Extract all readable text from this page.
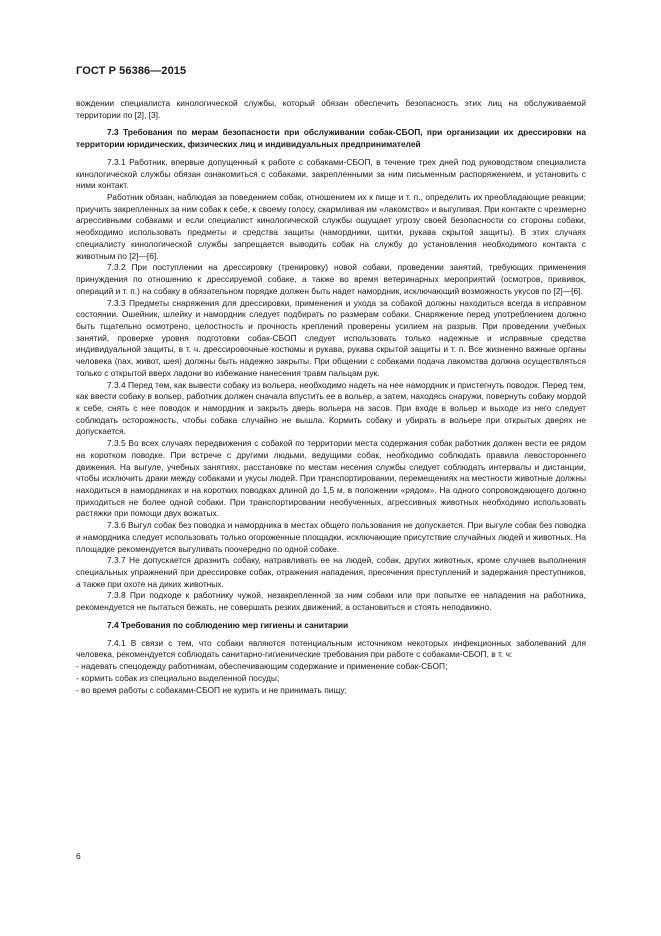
ГОСТ Р 56386—2015

вождении специалиста кинологической службы, который обязан обеспечить безопасность этих лиц на обслуживаемой территории по [2], [3].

7.3 Требования по мерам безопасности при обслуживании собак-СБОП, при организации их дрессировки на территории юридических, физических лиц и индивидуальных предпринимателей

7.3.1 Работник, впервые допущенный к работе с собаками-СБОП, в течение трех дней под руководством специалиста кинологической службы обязан ознакомиться с собаками, закрепленными за ним письменным распоряжением, и установить с ними контакт.

Работник обязан, наблюдая за поведением собак, отношением их к пище и т. п., определить их преобладающие реакции; приучить закрепленных за ним собак к себе, к своему голосу, скармливая им «лакомство» и выгуливая. При контакте с чрезмерно агрессивными собаками и если специалист кинологической службы ощущает угрозу своей безопасности со стороны собаки, необходимо использовать предметы и средства защиты (намордники, щитки, рукава скрытой защиты). В этих случаях специалисту кинологической службы запрещается выводить собак на службу до установления необходимого контакта с животным по [2]—[6].

7.3.2 При поступлении на дрессировку (тренировку) новой собаки, проведении занятий, требующих применения принуждения по отношению к дрессируемой собаке, а также во время ветеринарных мероприятий (осмотров, прививок, операций и т. п.) на собаку в обязательном порядке должен быть надет намордник, исключающий возможность укусов по [2]—[6].

7.3.3 Предметы снаряжения для дрессировки, применения и ухода за собакой должны находиться всегда в исправном состоянии. Ошейник, шлейку и намордник следует подбирать по размерам собаки. Снаряжение перед употреблением должно быть тщательно осмотрено, целостность и прочность креплений проверены усилием на разрыв. При проведении учебных занятий, проверке уровня подготовки собак-СБОП следует использовать только надежные и исправные средства индивидуальной защиты, в т. ч. дрессировочные костюмы и рукава, рукава скрытой защиты и т. п. Все жизненно важные органы человека (пах, живот, шея) должны быть надежно закрыты. При общении с собаками подача лакомства должна осуществляться только с открытой вверх ладони во избежание нанесения травм пальцам рук.

7.3.4 Перед тем, как вывести собаку из вольера, необходимо надеть на нее намордник и пристегнуть поводок. Перед тем, как ввести собаку в вольер, работник должен сначала впустить ее в вольер, а затем, находясь снаружи, повернуть собаку мордой к себе, снять с нее поводок и намордник и закрыть дверь вольера на засов. При входе в вольер и выходе из него следует соблюдать осторожность, чтобы собака случайно не вышла. Кормить собаку и убирать в вольере при открытых дверях не допускается.

7.3.5 Во всех случаях передвижения с собакой по территории места содержания собак работник должен вести ее рядом на коротком поводке. При встрече с другими людьми, ведущими собак, необходимо соблюдать правила левостороннего движения. На выгуле, учебных занятиях, расстановке по местам несения службы следует соблюдать интервалы и дистанции, чтобы исключить драки между собаками и укусы людей. При транспортировании, перемещениях на местности животные должны находиться в намордниках и на коротких поводках длиной до 1,5 м, в положении «рядом». На одного сопровождающего должно приходиться не более одной собаки. При транспортировании необученных, агрессивных животных необходимо использовать растяжки при помощи двух вожатых.

7.3.6 Выгул собак без поводка и намордника в местах общего пользования не допускается. При выгуле собак без поводка и намордника следует использовать только огороженные площадки, исключающие присутствие случайных людей и животных. На площадке рекомендуется выгуливать поочередно по одной собаке.

7.3.7 Не допускается дразнить собаку, натравливать ее на людей, собак, других животных, кроме случаев выполнения специальных упражнений при дрессировке собак, отражения нападения, пресечения преступлений и задержания преступников, а также при охоте на диких животных.

7.3.8 При подходе к работнику чужой, незакрепленной за ним собаки или при попытке ее нападения на работника, рекомендуется не пытаться бежать, не совершать резких движений, а остановиться и стоять неподвижно.

7.4 Требования по соблюдению мер гигиены и санитарии

7.4.1 В связи с тем, что собаки являются потенциальным источником некоторых инфекционных заболеваний для человека, рекомендуется соблюдать санитарно-гигиенические требования при работе с собаками-СБОП, в т. ч:

- надевать спецодежду работникам, обеспечивающим содержание и применение собак-СБОП;

- кормить собак из специально выделенной посуды;

- во время работы с собаками-СБОП не курить и не принимать пищу;

6
